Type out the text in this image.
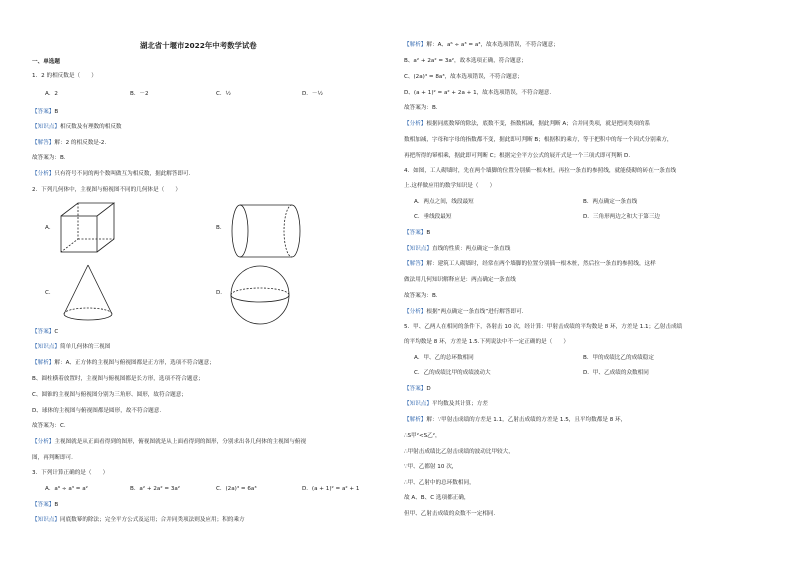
湖北省十堰市2022年中考数学试卷
一、单选题
1．2 的相反数是（　　）
A．2	B．－2	C．½	D．－½
【答案】B
【知识点】相反数及有理数的相反数
【解答】解：2 的相反数是-2.
故答案为：B.
【分析】只有符号不同的两个数叫做互为相反数，据此解答即可.
2．下列几何体中，主视图与俯视图不同的几何体是（　　）
A．	B．
C．	D．
【答案】C
【知识点】简单几何体的三视图
【解析】解：A、正方体的主视图与俯视图都是正方形，选项不符合题意；
B、圆柱横着放置时，主视图与俯视图都是长方形，选项不符合题意；
C、圆锥的主视图与俯视图分别为三角形、圆形，故符合题意；
D、球体的主视图与俯视图都是圆形，故不符合题意.
故答案为：C.
【分析】主视图就是从正面看得到的图形，俯视图就是从上面看得到的图形，分别求出各几何体的主视图与俯视
图，再判断即可.
3．下列计算正确的是（　　）
A．a⁶ ÷ a³ = a²	B．a² + 2a² = 3a²	C．(2a)³ = 6a³	D．(a + 1)² = a² + 1
【答案】B
【知识点】同底数幂的除法；完全平方公式及运用；合并同类项法则及应用；积的乘方
【解析】解：A、a⁶ ÷ a³ = a³，故本选项错误，不符合题意；
B、a² + 2a² = 3a²，故本选项正确，符合题意；
C、(2a)³ = 8a³，故本选项错误，不符合题意；
D、(a + 1)² = a² + 2a + 1，故本选项错误，不符合题意.
故答案为：B.
【分析】根据同底数幂的除法，底数不变，指数相减，据此判断 A；合并同类项，就是把同类项的系
数相加减，字母和字母的指数都不变，据此即可判断 B；根据积的乘方，等于把积中的每一个因式分别乘方，
再把所得的幂相乘，据此即可判断 C；根据完全平方公式的展开式是一个三项式即可判断 D.
4．如图，工人砌墙时，先在两个墙脚的位置分别插一根木桩，再拉一条直的参照线，就能使砌的砖在一条直线
上.这样做应用的数学知识是（　　）
A．两点之间，线段最短	B．两点确定一条直线
C．垂线段最短	D．三角形两边之和大于第三边
【答案】B
【知识点】直线的性质：两点确定一条直线
【解答】解：建筑工人砌墙时，经常在两个墙脚的位置分别插一根木桩，然后拉一条直的参照线，这样
做法用几何知识解释应是：两点确定一条直线
故答案为：B.
【分析】根据“两点确定一条直线”进行解答即可.
5．甲、乙两人在相同的条件下，各射击 10 次，经计算：甲射击成绩的平均数是 8 环，方差是 1.1；乙射击成绩
的平均数是 8 环，方差是 1.5.下列说法中不一定正确的是（　　）
A．甲、乙的总环数相同	B．甲的成绩比乙的成绩稳定
C．乙的成绩比甲的成绩波动大	D．甲、乙成绩的众数相同
【答案】D
【知识点】平均数及其计算；方差
【解析】解：∵甲射击成绩的方差是 1.1，乙射击成绩的方差是 1.5，且平均数都是 8 环，
∴S甲²<S乙²，
∴甲射击成绩比乙射击成绩的波动比甲较大，
∵甲、乙都射 10 次，
∴甲、乙射中的总环数相同，
故 A、B、C 选项都正确，
但甲、乙射击成绩的众数不一定相同.
